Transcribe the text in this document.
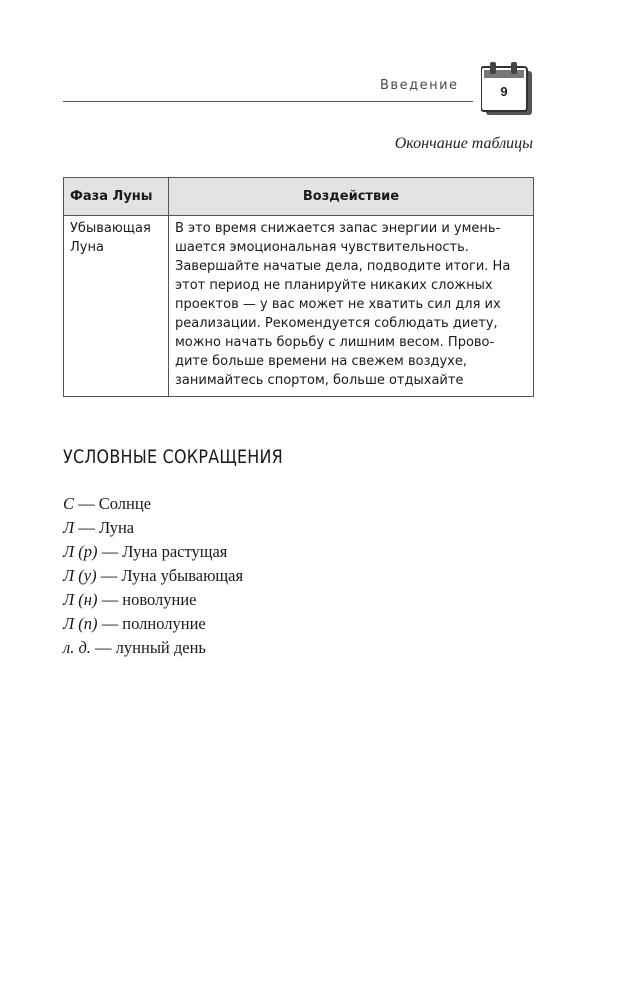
Введение	9
Окончание таблицы
Фаза Луны	Воздействие
Убывающая Луна	В это время снижается запас энергии и умень-шается эмоциональная чувствительность. Завершайте начатые дела, подводите итоги. На этот период не планируйте никаких сложных проектов — у вас может не хватить сил для их реализации. Рекомендуется соблюдать диету, можно начать борьбу с лишним весом. Прово-дите больше времени на свежем воздухе, занимайтесь спортом, больше отдыхайте
УСЛОВНЫЕ СОКРАЩЕНИЯ
С — Солнце
Л — Луна
Л (р) — Луна растущая
Л (у) — Луна убывающая
Л (н) — новолуние
Л (п) — полнолуние
л. д. — лунный день
